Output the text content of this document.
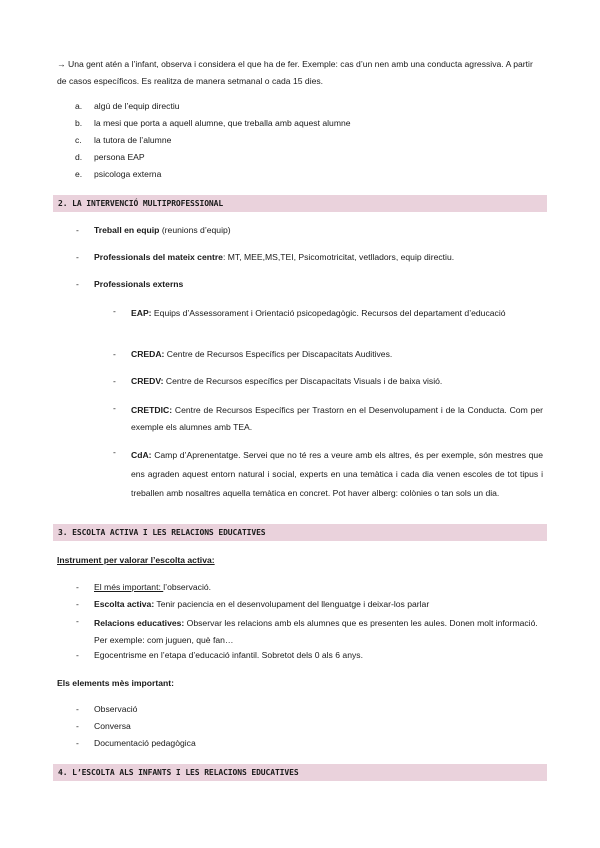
→ Una gent atén a l’infant, observa i considera el que ha de fer. Exemple: cas d’un nen amb una conducta agressiva. A partir de casos específicos. Es realitza de manera setmanal o cada 15 dies.
a. algú de l’equip directiu
b. la mesi que porta a aquell alumne, que treballa amb aquest alumne
c. la tutora de l’alumne
d. persona EAP
e. psicologa externa
2. LA INTERVENCIÓ MULTIPROFESSIONAL
- Treball en equip (reunions d’equip)
- Professionals del mateix centre: MT, MEE,MS,TEI, Psicomotricitat, vetlladors, equip directiu.
- Professionals externs
- EAP: Equips d’Assessorament i Orientació psicopedagògic. Recursos del departament d’educació
- CREDA: Centre de Recursos Específics per Discapacitats Auditives.
- CREDV: Centre de Recursos específics per Discapacitats Visuals i de baixa visió.
- CRETDIC: Centre de Recursos Específics per Trastorn en el Desenvolupament i de la Conducta. Com per exemple els alumnes amb TEA.
- CdA: Camp d’Aprenentatge. Servei que no té res a veure amb els altres, és per exemple, són mestres que ens agraden aquest entorn natural i social, experts en una temàtica i cada dia venen escoles de tot tipus i treballen amb nosaltres aquella temàtica en concret. Pot haver alberg: colònies o tan sols un dia.
3. ESCOLTA ACTIVA I LES RELACIONS EDUCATIVES
Instrument per valorar l’escolta activa:
- El més important: l’observació.
- Escolta activa: Tenir paciencia en el desenvolupament del llenguatge i deixar-los parlar
- Relacions educatives: Observar les relacions amb els alumnes que es presenten les aules. Donen molt informació. Per exemple: com juguen, què fan…
- Egocentrisme en l’etapa d’educació infantil. Sobretot dels 0 als 6 anys.
Els elements mès important:
- Observació
- Conversa
- Documentació pedagògica
4. L’ESCOLTA ALS INFANTS I LES RELACIONS EDUCATIVES
